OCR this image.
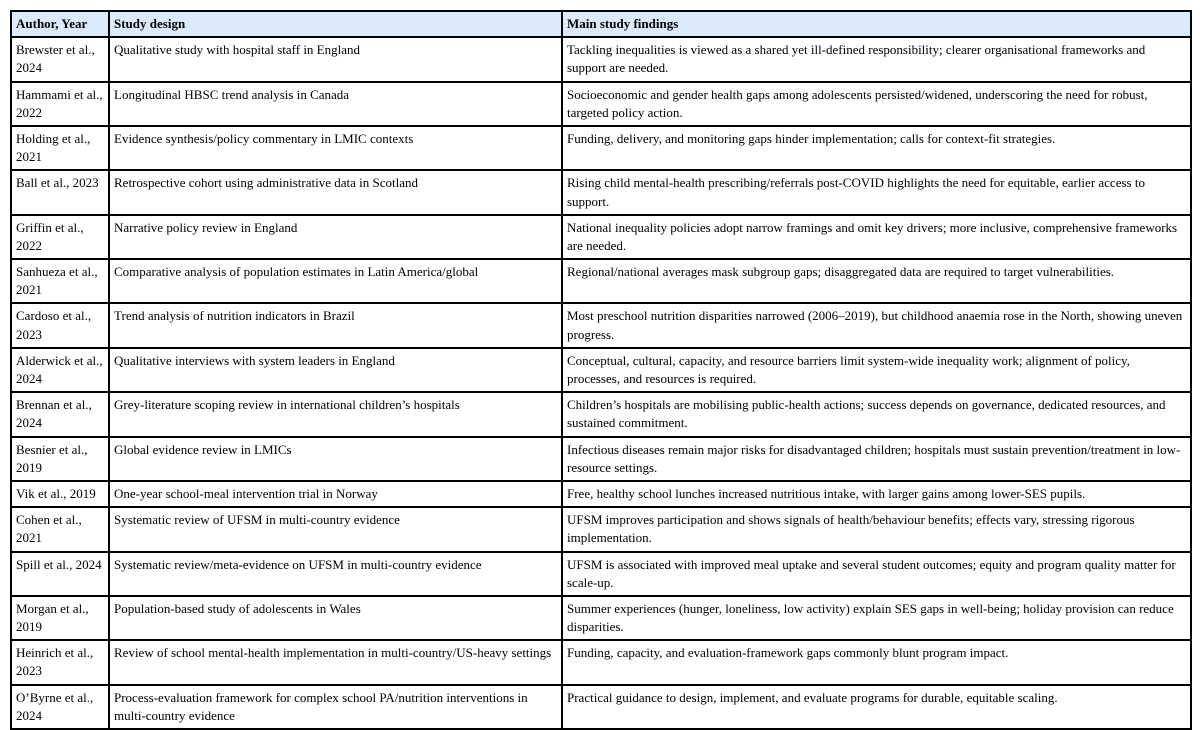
Author, Year	Study design	Main study findings
Brewster et al., 2024	Qualitative study with hospital staff in England	Tackling inequalities is viewed as a shared yet ill-defined responsibility; clearer organisational frameworks and support are needed.
Hammami et al., 2022	Longitudinal HBSC trend analysis in Canada	Socioeconomic and gender health gaps among adolescents persisted/widened, underscoring the need for robust, targeted policy action.
Holding et al., 2021	Evidence synthesis/policy commentary in LMIC contexts	Funding, delivery, and monitoring gaps hinder implementation; calls for context-fit strategies.
Ball et al., 2023	Retrospective cohort using administrative data in Scotland	Rising child mental-health prescribing/referrals post-COVID highlights the need for equitable, earlier access to support.
Griffin et al., 2022	Narrative policy review in England	National inequality policies adopt narrow framings and omit key drivers; more inclusive, comprehensive frameworks are needed.
Sanhueza et al., 2021	Comparative analysis of population estimates in Latin America/global	Regional/national averages mask subgroup gaps; disaggregated data are required to target vulnerabilities.
Cardoso et al., 2023	Trend analysis of nutrition indicators in Brazil	Most preschool nutrition disparities narrowed (2006–2019), but childhood anaemia rose in the North, showing uneven progress.
Alderwick et al., 2024	Qualitative interviews with system leaders in England	Conceptual, cultural, capacity, and resource barriers limit system-wide inequality work; alignment of policy, processes, and resources is required.
Brennan et al., 2024	Grey-literature scoping review in international children’s hospitals	Children’s hospitals are mobilising public-health actions; success depends on governance, dedicated resources, and sustained commitment.
Besnier et al., 2019	Global evidence review in LMICs	Infectious diseases remain major risks for disadvantaged children; hospitals must sustain prevention/treatment in low-resource settings.
Vik et al., 2019	One-year school-meal intervention trial in Norway	Free, healthy school lunches increased nutritious intake, with larger gains among lower-SES pupils.
Cohen et al., 2021	Systematic review of UFSM in multi-country evidence	UFSM improves participation and shows signals of health/behaviour benefits; effects vary, stressing rigorous implementation.
Spill et al., 2024	Systematic review/meta-evidence on UFSM in multi-country evidence	UFSM is associated with improved meal uptake and several student outcomes; equity and program quality matter for scale-up.
Morgan et al., 2019	Population-based study of adolescents in Wales	Summer experiences (hunger, loneliness, low activity) explain SES gaps in well-being; holiday provision can reduce disparities.
Heinrich et al., 2023	Review of school mental-health implementation in multi-country/US-heavy settings	Funding, capacity, and evaluation-framework gaps commonly blunt program impact.
O’Byrne et al., 2024	Process-evaluation framework for complex school PA/nutrition interventions in multi-country evidence	Practical guidance to design, implement, and evaluate programs for durable, equitable scaling.
